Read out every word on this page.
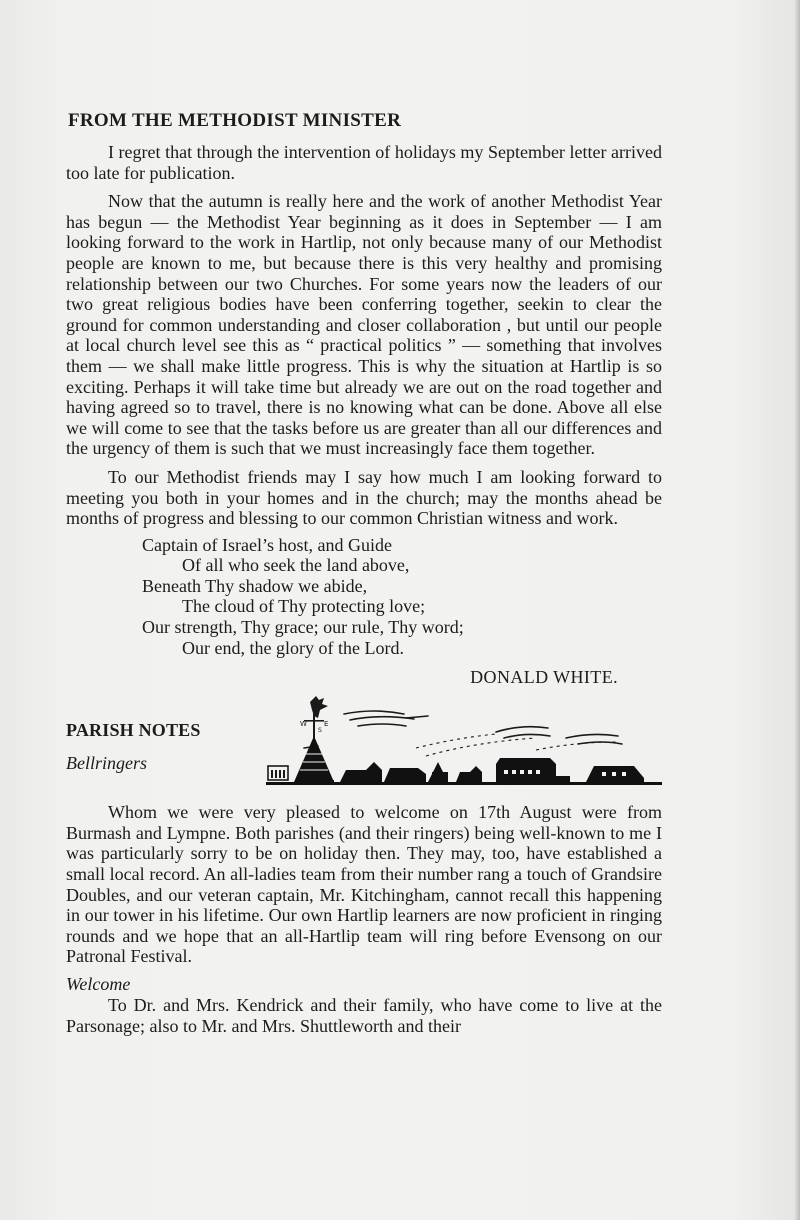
FROM THE METHODIST MINISTER

I regret that through the intervention of holidays my September letter arrived too late for publication.

Now that the autumn is really here and the work of another Methodist Year has begun — the Methodist Year beginning as it does in September — I am looking forward to the work in Hartlip, not only because many of our Methodist people are known to me, but because there is this very healthy and promising relationship between our two Churches. For some years now the leaders of our two great religious bodies have been conferring together, seekin to clear the ground for common understanding and closer collaboration , but until our people at local church level see this as “ practical politics ” — something that involves them — we shall make little progress. This is why the situation at Hartlip is so exciting. Perhaps it will take time but already we are out on the road together and having agreed so to travel, there is no knowing what can be done. Above all else we will come to see that the tasks before us are greater than all our differences and the urgency of them is such that we must increasingly face them together.

To our Methodist friends may I say how much I am looking forward to meeting you both in your homes and in the church; may the months ahead be months of progress and blessing to our common Christian witness and work.

Captain of Israel’s host, and Guide
Of all who seek the land above,
Beneath Thy shadow we abide,
The cloud of Thy protecting love;
Our strength, Thy grace; our rule, Thy word;
Our end, the glory of the Lord.
DONALD WHITE.
PARISH NOTES
Bellringers
W E
S

Whom we were very pleased to welcome on 17th August were from Burmash and Lympne. Both parishes (and their ringers) being well-known to me I was particularly sorry to be on holiday then. They may, too, have established a small local record. An all-ladies team from their number rang a touch of Grandsire Doubles, and our veteran captain, Mr. Kitchingham, cannot recall this happening in our tower in his lifetime. Our own Hartlip learners are now proficient in ringing rounds and we hope that an all-Hartlip team will ring before Evensong on our Patronal Festival.

Welcome

To Dr. and Mrs. Kendrick and their family, who have come to live at the Parsonage; also to Mr. and Mrs. Shuttleworth and their
